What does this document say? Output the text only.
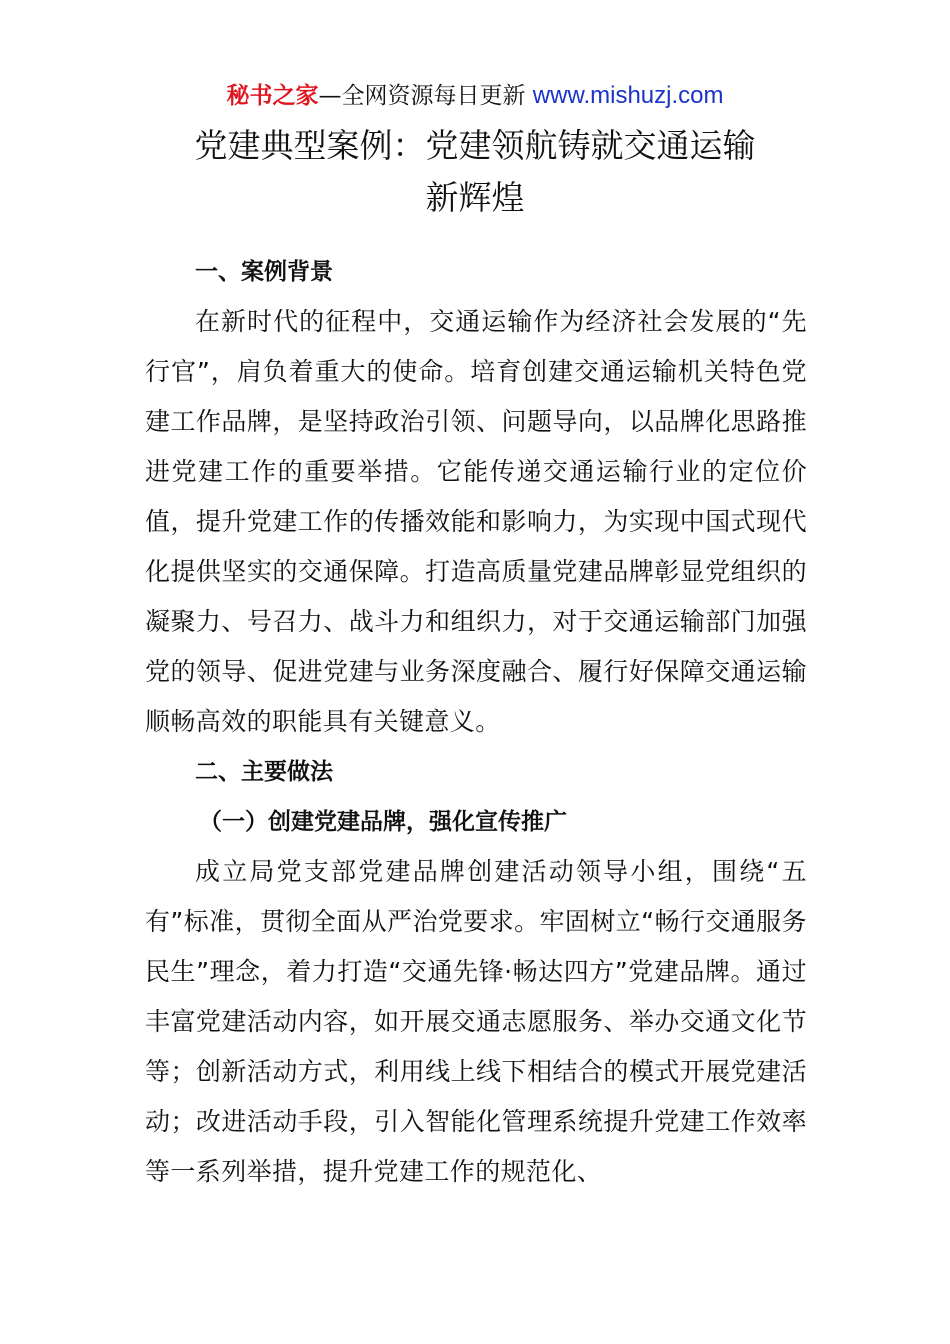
秘书之家—全网资源每日更新 www.mishuzj.com
党建典型案例：党建领航铸就交通运输
新辉煌

一、案例背景

在新时代的征程中，交通运输作为经济社会发展的“先行官”，肩负着重大的使命。培育创建交通运输机关特色党建工作品牌，是坚持政治引领、问题导向，以品牌化思路推进党建工作的重要举措。它能传递交通运输行业的定位价值，提升党建工作的传播效能和影响力，为实现中国式现代化提供坚实的交通保障。打造高质量党建品牌彰显党组织的凝聚力、号召力、战斗力和组织力，对于交通运输部门加强党的领导、促进党建与业务深度融合、履行好保障交通运输顺畅高效的职能具有关键意义。

二、主要做法

（一）创建党建品牌，强化宣传推广

成立局党支部党建品牌创建活动领导小组，围绕“五有”标准，贯彻全面从严治党要求。牢固树立“畅行交通服务民生”理念，着力打造“交通先锋·畅达四方”党建品牌。通过丰富党建活动内容，如开展交通志愿服务、举办交通文化节等；创新活动方式，利用线上线下相结合的模式开展党建活动；改进活动手段，引入智能化管理系统提升党建工作效率等一系列举措，提升党建工作的规范化、
